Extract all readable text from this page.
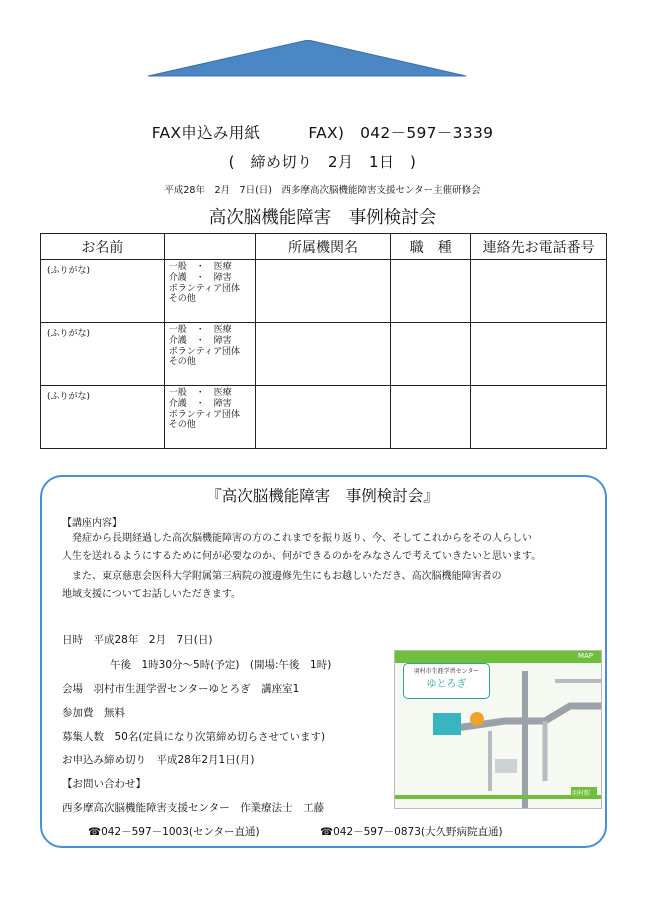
FAX申込み用紙	FAX)　042－597－3339
(　締め切り　2月　1日　)
平成28年　2月　7日(日)　西多摩高次脳機能障害支援センター主催研修会
高次脳機能障害　事例検討会
お名前		所属機関名	職　種	連絡先お電話番号
(ふりがな)	一般　・　医療
介護　・　障害
ボランティア団体
その他			

(ふりがな)	一般　・　医療
介護　・　障害
ボランティア団体
その他			

(ふりがな)	一般　・　医療
介護　・　障害
ボランティア団体
その他			

『高次脳機能障害　事例検討会』
【講座内容】
発症から長期経過した高次脳機能障害の方のこれまでを振り返り、今、そしてこれからをその人らしい
人生を送れるようにするために何が必要なのか、何ができるのかをみなさんで考えていきたいと思います。
また、東京慈恵会医科大学附属第三病院の渡邊修先生にもお越しいただき、高次脳機能障害者の
地域支援についてお話しいただきます。
日時　平成28年　2月　7日(日)
午後　1時30分～5時(予定)　(開場:午後　1時)
会場　羽村市生涯学習センターゆとろぎ　講座室1
参加費　無料
募集人数　50名(定員になり次第締め切らさせています)
お申込み締め切り　平成28年2月1日(月)
【お問い合わせ】
西多摩高次脳機能障害支援センター　作業療法士　工藤
☎042－597－1003(センター直通)	☎042－597－0873(大久野病院直通)
MAP
羽村市生涯学習センター
ゆとろぎ
羽村駅
